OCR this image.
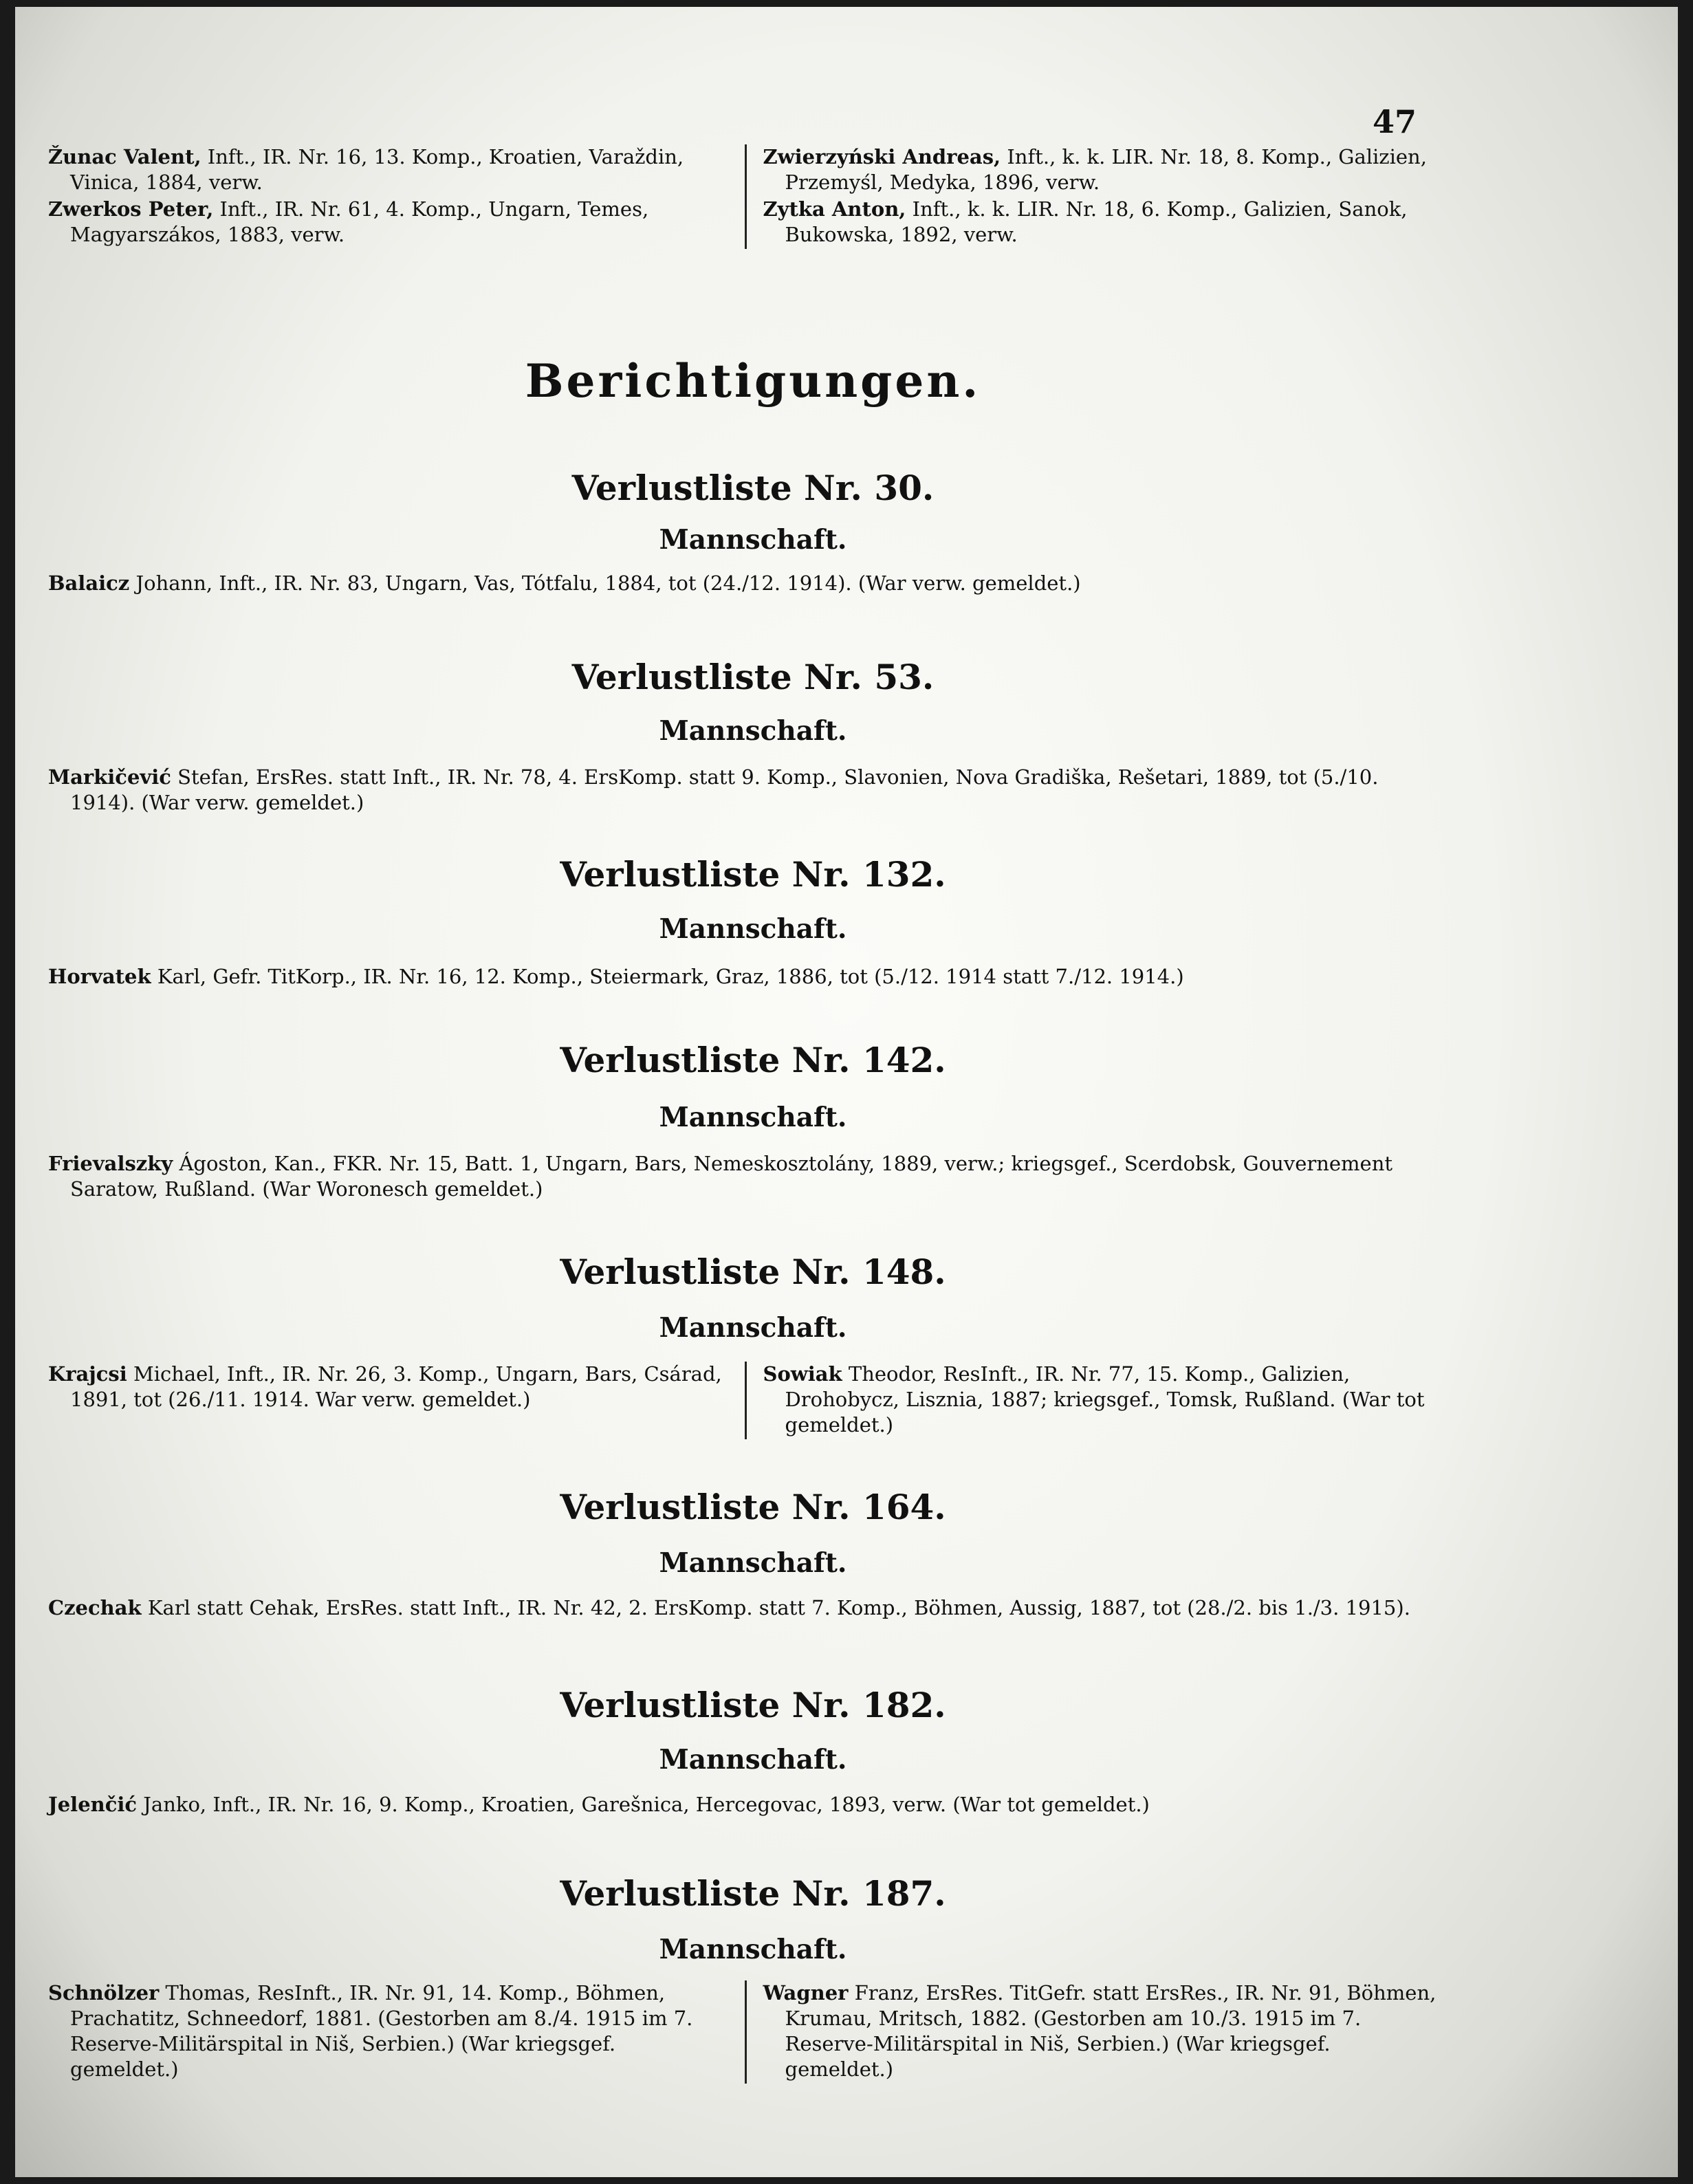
47

Žunac Valent, Inft., IR. Nr. 16, 13. Komp., Kroatien, Varaždin, Vinica, 1884, verw.

Zwerkos Peter, Inft., IR. Nr. 61, 4. Komp., Ungarn, Temes, Magyarszákos, 1883, verw.

Zwierzyński Andreas, Inft., k. k. LIR. Nr. 18, 8. Komp., Galizien, Przemyśl, Medyka, 1896, verw.

Zytka Anton, Inft., k. k. LIR. Nr. 18, 6. Komp., Galizien, Sanok, Bukowska, 1892, verw.

Berichtigungen.
Verlustliste Nr. 30.
Mannschaft.

Balaicz Johann, Inft., IR. Nr. 83, Ungarn, Vas, Tótfalu, 1884, tot (24./12. 1914). (War verw. gemeldet.)

Verlustliste Nr. 53.
Mannschaft.

Markičević Stefan, ErsRes. statt Inft., IR. Nr. 78, 4. ErsKomp. statt 9. Komp., Slavonien, Nova Gradiška, Rešetari, 1889, tot (5./10. 1914). (War verw. gemeldet.)

Verlustliste Nr. 132.
Mannschaft.

Horvatek Karl, Gefr. TitKorp., IR. Nr. 16, 12. Komp., Steiermark, Graz, 1886, tot (5./12. 1914 statt 7./12. 1914.)

Verlustliste Nr. 142.
Mannschaft.

Frievalszky Ágoston, Kan., FKR. Nr. 15, Batt. 1, Ungarn, Bars, Nemeskosztolány, 1889, verw.; kriegsgef., Scerdobsk, Gouvernement Saratow, Rußland. (War Woronesch gemeldet.)

Verlustliste Nr. 148.
Mannschaft.

Krajcsi Michael, Inft., IR. Nr. 26, 3. Komp., Ungarn, Bars, Csárad, 1891, tot (26./11. 1914. War verw. gemeldet.)

Sowiak Theodor, ResInft., IR. Nr. 77, 15. Komp., Galizien, Drohobycz, Lisznia, 1887; kriegsgef., Tomsk, Rußland. (War tot gemeldet.)

Verlustliste Nr. 164.
Mannschaft.

Czechak Karl statt Cehak, ErsRes. statt Inft., IR. Nr. 42, 2. ErsKomp. statt 7. Komp., Böhmen, Aussig, 1887, tot (28./2. bis 1./3. 1915).

Verlustliste Nr. 182.
Mannschaft.

Jelenčić Janko, Inft., IR. Nr. 16, 9. Komp., Kroatien, Garešnica, Hercegovac, 1893, verw. (War tot gemeldet.)

Verlustliste Nr. 187.
Mannschaft.

Schnölzer Thomas, ResInft., IR. Nr. 91, 14. Komp., Böhmen, Prachatitz, Schneedorf, 1881. (Gestorben am 8./4. 1915 im 7. Reserve-Militärspital in Niš, Serbien.) (War kriegsgef. gemeldet.)

Wagner Franz, ErsRes. TitGefr. statt ErsRes., IR. Nr. 91, Böhmen, Krumau, Mritsch, 1882. (Gestorben am 10./3. 1915 im 7. Reserve-Militärspital in Niš, Serbien.) (War kriegsgef. gemeldet.)
